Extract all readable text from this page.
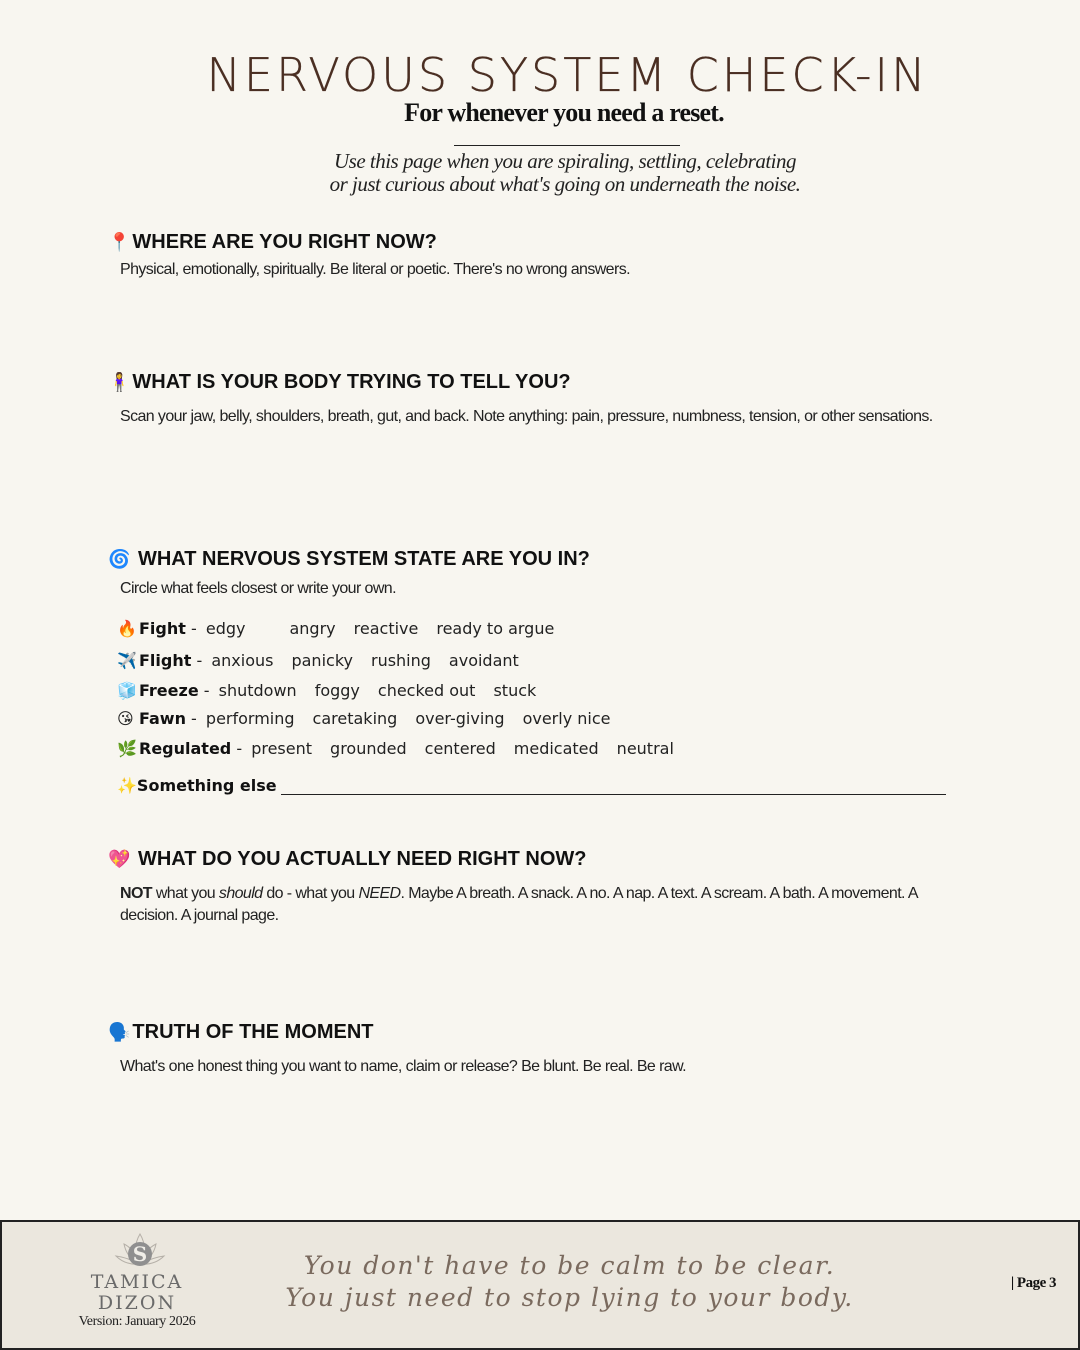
NERVOUS SYSTEM CHECK-IN
For whenever you need a reset.
Use this page when you are spiraling, settling, celebrating
or just curious about what's going on underneath the noise.
📍 WHERE ARE YOU RIGHT NOW?
Physical, emotionally, spiritually. Be literal or poetic. There's no wrong answers.
🧍‍♀️ WHAT IS YOUR BODY TRYING TO TELL YOU?
Scan your jaw, belly, shoulders, breath, gut, and back. Note anything: pain, pressure, numbness, tension, or other sensations.
🌀 WHAT NERVOUS SYSTEM STATE ARE YOU IN?
Circle what feels closest or write your own.
🔥 Fight - edgy	angry reactive ready to argue
✈️ Flight - anxious panicky rushing avoidant
🧊 Freeze - shutdown foggy checked out stuck
😘 Fawn - performing caretaking over-giving overly nice
🌿 Regulated - present grounded centered medicated neutral
✨Something else
💖 WHAT DO YOU ACTUALLY NEED RIGHT NOW?
NOT what you should do - what you NEED. Maybe A breath. A snack. A no. A nap. A text. A scream. A bath. A movement. A decision. A journal page.
🗣️ TRUTH OF THE MOMENT
What's one honest thing you want to name, claim or release? Be blunt. Be real. Be raw.
S
TAMICA
DIZON
Version: January 2026
You don't have to be calm to be clear.
You just need to stop lying to your body.	| Page 3
